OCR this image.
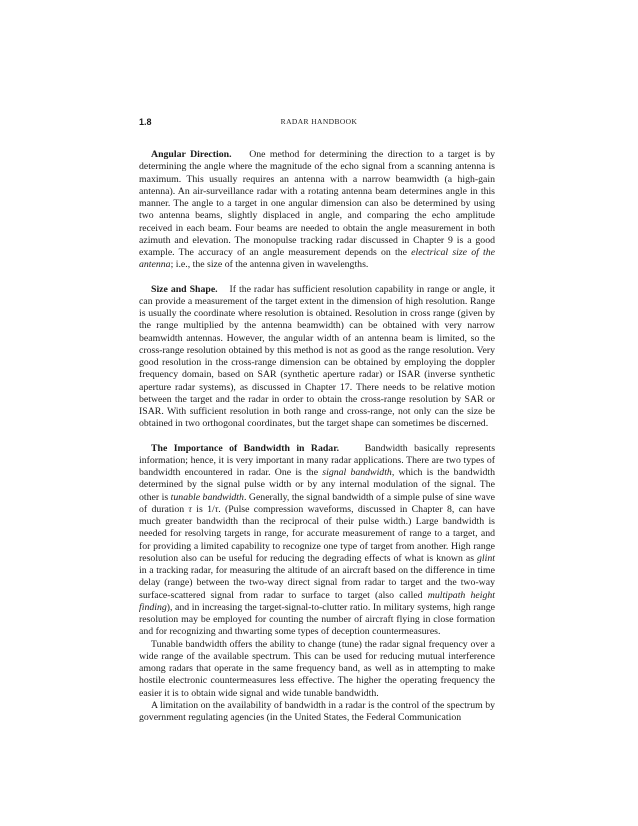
1.8	RADAR HANDBOOK

Angular Direction. One method for determining the direction to a target is by determining the angle where the magnitude of the echo signal from a scanning antenna is maximum. This usually requires an antenna with a narrow beamwidth (a high-gain antenna). An air-surveillance radar with a rotating antenna beam determines angle in this manner. The angle to a target in one angular dimension can also be determined by using two antenna beams, slightly displaced in angle, and comparing the echo amplitude received in each beam. Four beams are needed to obtain the angle measurement in both azimuth and elevation. The monopulse tracking radar discussed in Chapter 9 is a good example. The accuracy of an angle measurement depends on the electrical size of the antenna; i.e., the size of the antenna given in wavelengths.

Size and Shape. If the radar has sufficient resolution capability in range or angle, it can provide a measurement of the target extent in the dimension of high resolution. Range is usually the coordinate where resolution is obtained. Resolution in cross range (given by the range multiplied by the antenna beamwidth) can be obtained with very narrow beamwidth antennas. However, the angular width of an antenna beam is limited, so the cross-range resolution obtained by this method is not as good as the range resolution. Very good resolution in the cross-range dimension can be obtained by employing the doppler frequency domain, based on SAR (synthetic aperture radar) or ISAR (inverse synthetic aperture radar systems), as discussed in Chapter 17. There needs to be relative motion between the target and the radar in order to obtain the cross-range resolution by SAR or ISAR. With sufficient resolution in both range and cross-range, not only can the size be obtained in two orthogonal coordinates, but the target shape can sometimes be discerned.

The Importance of Bandwidth in Radar.	Bandwidth basically represents information; hence, it is very important in many radar applications. There are two types of bandwidth encountered in radar. One is the signal bandwidth, which is the bandwidth determined by the signal pulse width or by any internal modulation of the signal. The other is tunable bandwidth. Generally, the signal bandwidth of a simple pulse of sine wave of duration τ is 1/τ. (Pulse compression waveforms, discussed in Chapter 8, can have much greater bandwidth than the reciprocal of their pulse width.) Large bandwidth is needed for resolving targets in range, for accurate measurement of range to a target, and for providing a limited capability to recognize one type of target from another. High range resolution also can be useful for reducing the degrading effects of what is known as glint in a tracking radar, for measuring the altitude of an aircraft based on the difference in time delay (range) between the two-way direct signal from radar to target and the two-way surface-scattered signal from radar to surface to target (also called multipath height finding), and in increasing the target-signal-to-clutter ratio. In military systems, high range resolution may be employed for counting the number of aircraft flying in close formation and for recognizing and thwarting some types of deception countermeasures.

Tunable bandwidth offers the ability to change (tune) the radar signal frequency over a wide range of the available spectrum. This can be used for reducing mutual interference among radars that operate in the same frequency band, as well as in attempting to make hostile electronic countermeasures less effective. The higher the operating frequency the easier it is to obtain wide signal and wide tunable bandwidth.

A limitation on the availability of bandwidth in a radar is the control of the spectrum by government regulating agencies (in the United States, the Federal Communication
